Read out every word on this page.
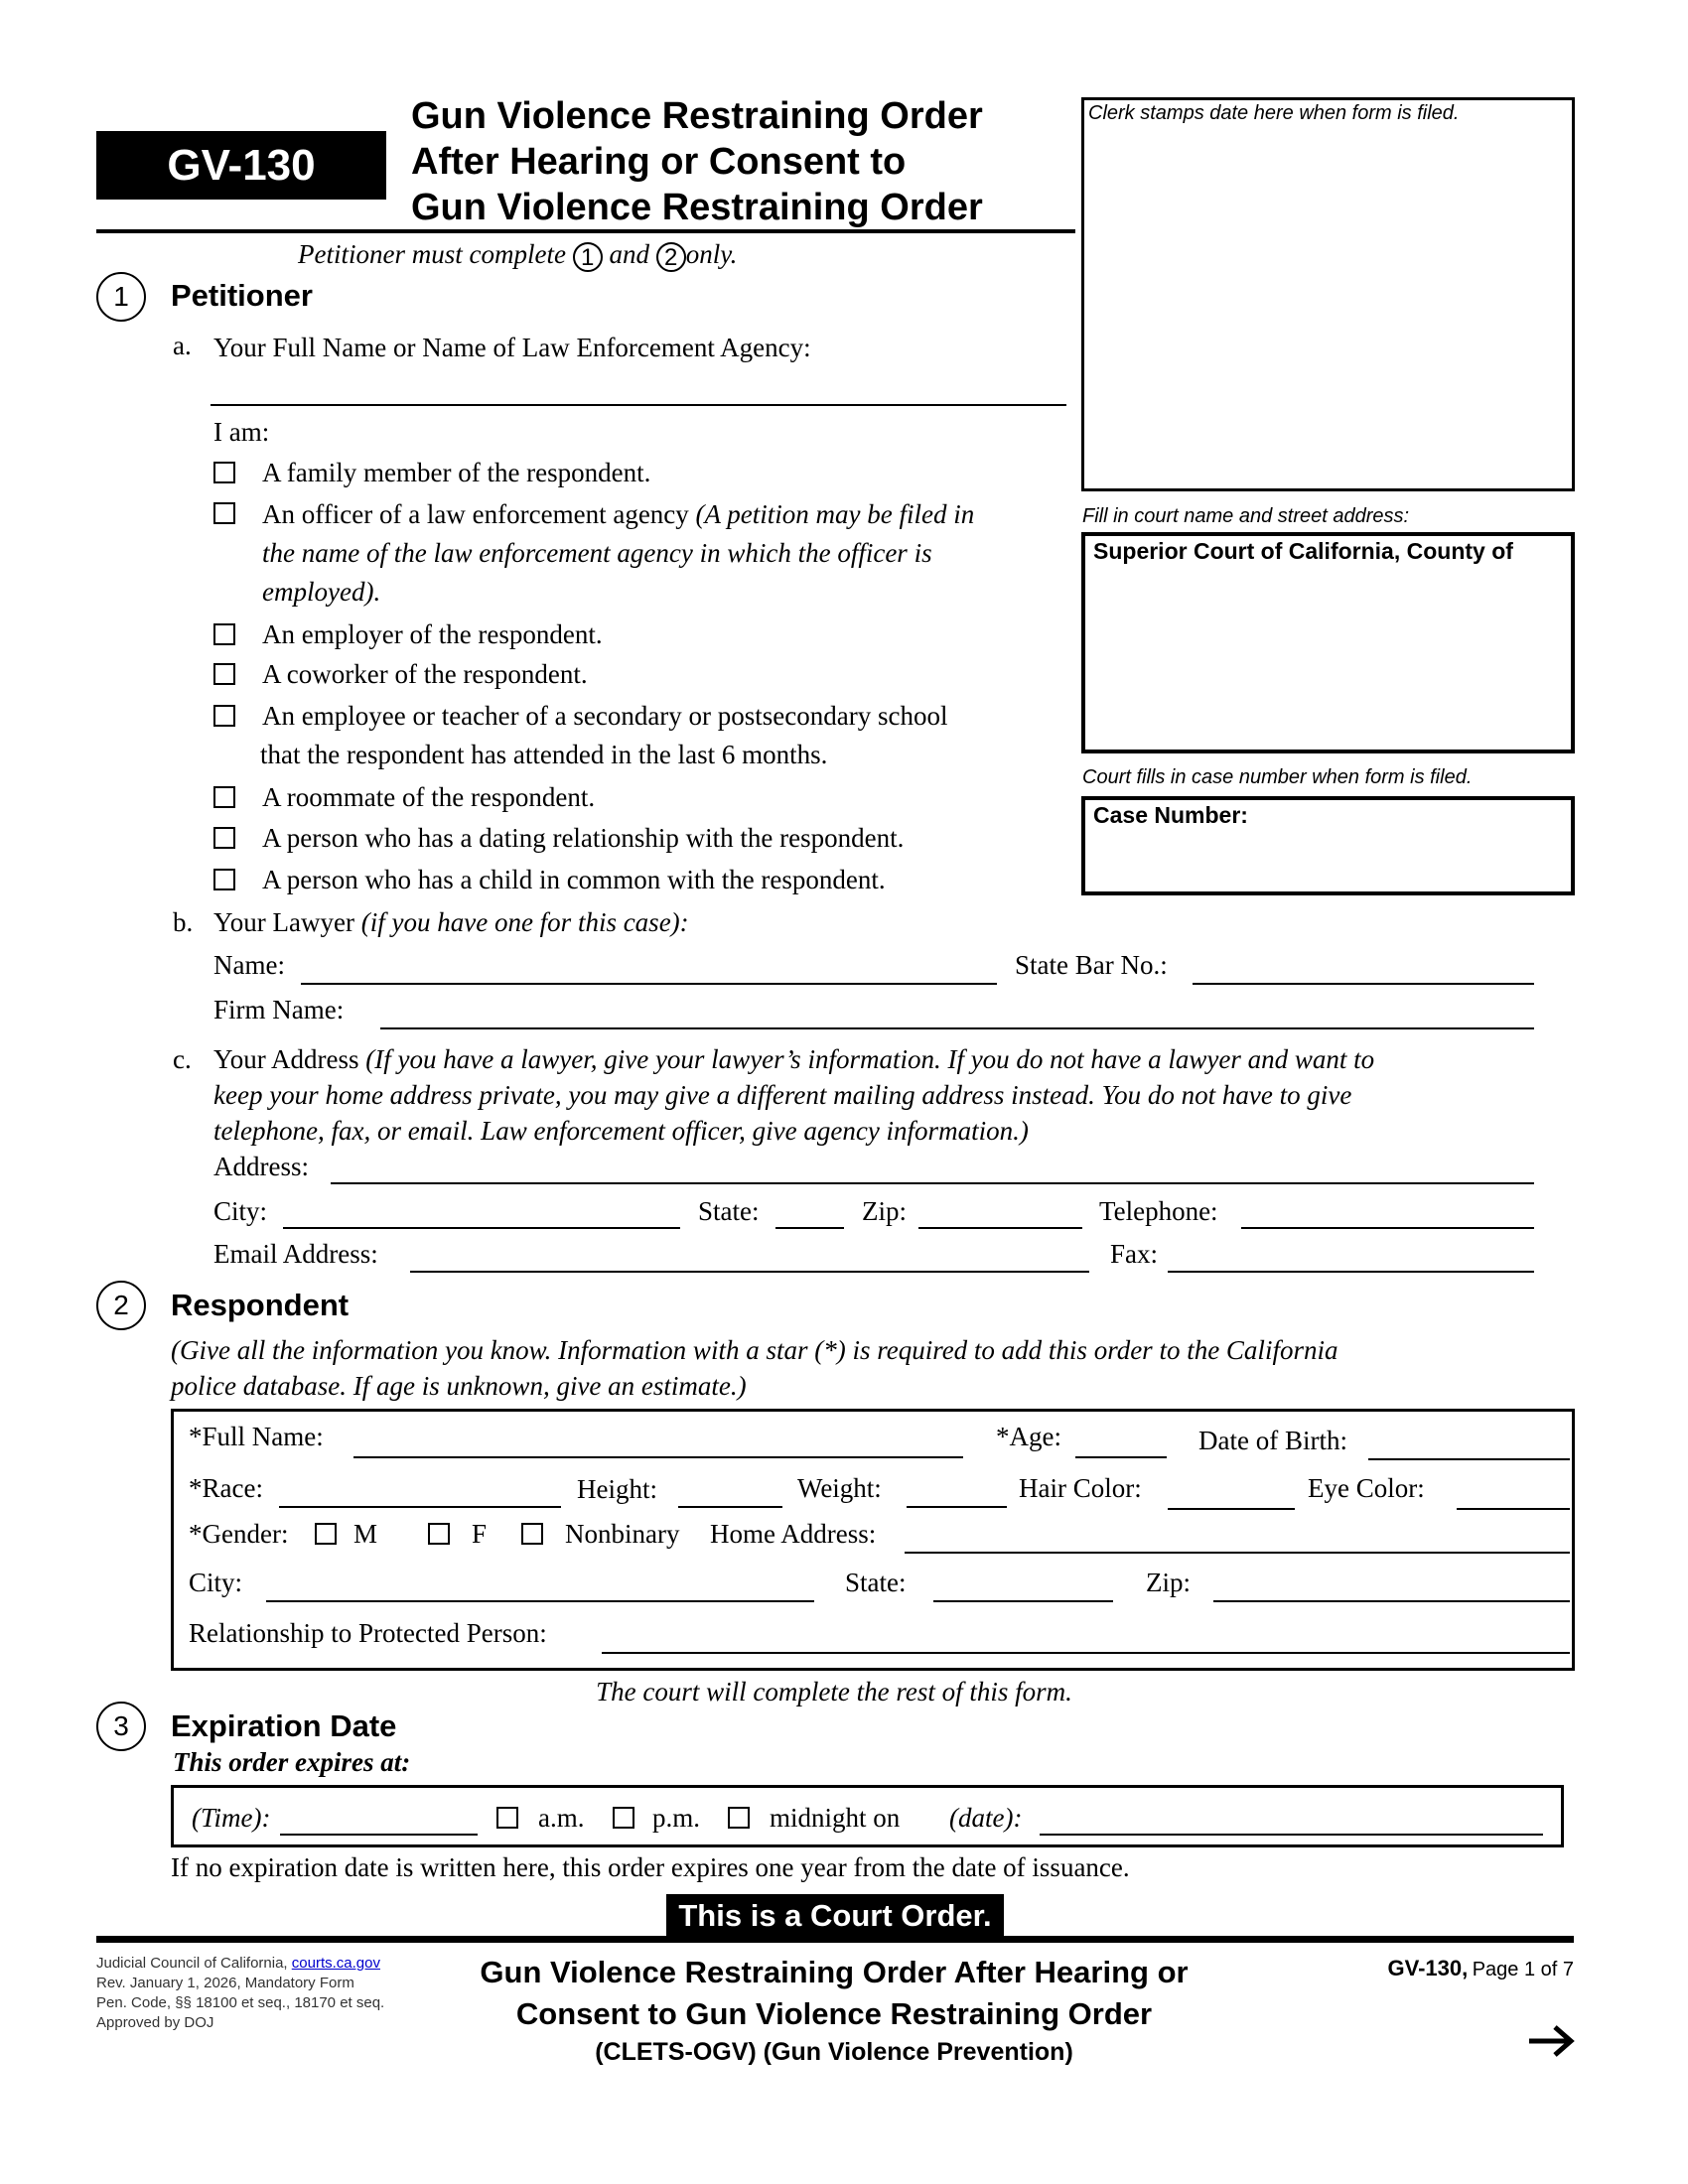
GV-130
Gun Violence Restraining Order
After Hearing or Consent to
Gun Violence Restraining Order
Clerk stamps date here when form is filed.
Fill in court name and street address:
Superior Court of California, County of
Court fills in case number when form is filed.
Case Number:
Petitioner must complete 1 and 2 only.
1	Petitioner
a. Your Full Name or Name of Law Enforcement Agency:
I am:
A family member of the respondent.
An officer of a law enforcement agency (A petition may be filed in
the name of the law enforcement agency in which the officer is
employed).
An employer of the respondent.
A coworker of the respondent.
An employee or teacher of a secondary or postsecondary school
that the respondent has attended in the last 6 months.
A roommate of the respondent.
A person who has a dating relationship with the respondent.
A person who has a child in common with the respondent.
b. Your Lawyer (if you have one for this case):
Name:	State Bar No.:
Firm Name:
c. Your Address (If you have a lawyer, give your lawyer’s information. If you do not have a lawyer and want to
keep your home address private, you may give a different mailing address instead. You do not have to give
telephone, fax, or email. Law enforcement officer, give agency information.)
Address:
City:	State:	Zip:	Telephone:
Email Address:	Fax:
2	Respondent
(Give all the information you know. Information with a star (*) is required to add this order to the California
police database. If age is unknown, give an estimate.)
*Full Name:	*Age:	Date of Birth:
*Race:	Height:	Weight:	Hair Color:	Eye Color:
*Gender: M	F	Nonbinary Home Address:
City:	State:	Zip:
Relationship to Protected Person:
The court will complete the rest of this form.
3	Expiration Date
This order expires at:
(Time):	a.m.	p.m.	midnight on (date):
If no expiration date is written here, this order expires one year from the date of issuance.
This is a Court Order.
Judicial Council of California, courts.ca.gov
Rev. January 1, 2026, Mandatory Form
Pen. Code, §§ 18100 et seq., 18170 et seq.
Approved by DOJ
Gun Violence Restraining Order After Hearing or
Consent to Gun Violence Restraining Order
(CLETS-OGV) (Gun Violence Prevention)
GV-130, Page 1 of 7
